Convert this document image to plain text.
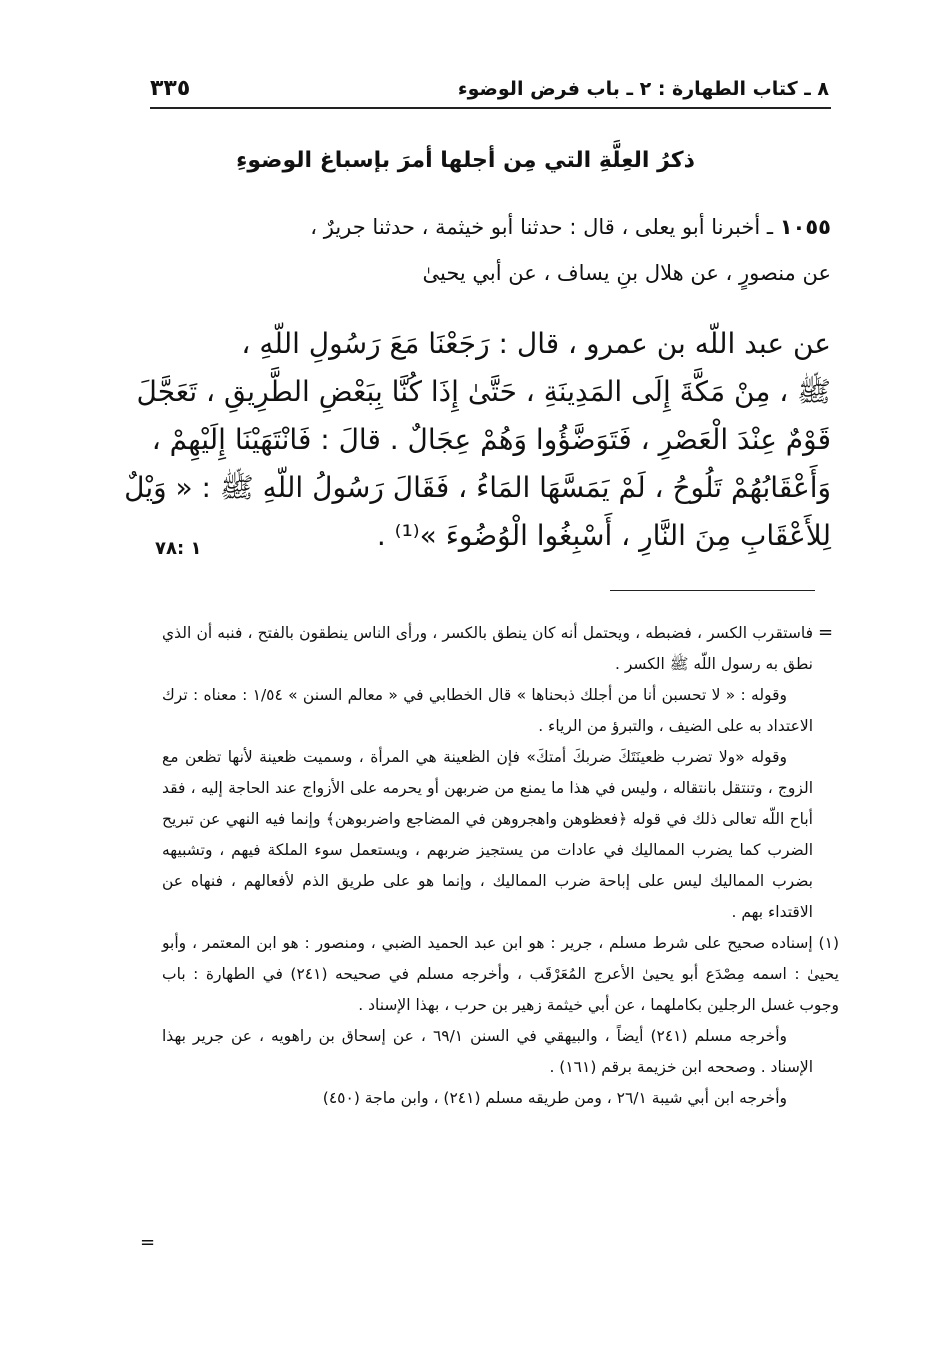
٣٣٥	٨ ـ كتاب الطهارة : ٢ ـ باب فرض الوضوء
ذكرُ العِلَّةِ التي مِن أجلها أمرَ بإسباغ الوضوءِ
١٠٥٥ ـ أخبرنا أبو يعلى ، قال : حدثنا أبو خيثمة ، حدثنا جريرٌ ،
عن منصورٍ ، عن هلال بنِ يساف ، عن أبي يحيىٰ
عن عبد اللّه بن عمرو ، قال : رَجَعْنَا مَعَ رَسُولِ اللّهِ ،
ﷺ ، مِنْ مَكَّةَ إِلَى المَدِينَةِ ، حَتَّىٰ إِذَا كُنَّا بِبَعْضِ الطَّرِيقِ ، تَعَجَّلَ
قَوْمٌ عِنْدَ الْعَصْرِ ، فَتَوَضَّؤُوا وَهُمْ عِجَالٌ . قالَ : فَانْتَهَيْنَا إِلَيْهِمْ ،
وَأَعْقَابُهُمْ تَلُوحُ ، لَمْ يَمَسَّهَا المَاءُ ، فَقَالَ رَسُولُ اللّهِ ﷺ : « وَيْلٌ
لِلأَعْقَابِ مِنَ النَّارِ ، أَسْبِغُوا الْوُضُوءَ »⁽¹⁾ .
١ :٧٨
=

فاستقرب الكسر ، فضبطه ، ويحتمل أنه كان ينطق بالكسر ، ورأى الناس ينطقون بالفتح ، فنبه أن الذي نطق به رسول اللّه ﷺ الكسر .

وقوله : « لا تحسبن أنا من أجلك ذبحناها » قال الخطابي في « معالم السنن » ١/٥٤ : معناه : ترك الاعتداد به على الضيف ، والتبرؤ من الرياء .

وقوله «ولا تضرب ظعينَتَكَ ضربكَ أمتكَ» فإن الظعينة هي المرأة ، وسميت ظعينة لأنها تظعن مع الزوج ، وتنتقل بانتقاله ، وليس في هذا ما يمنع من ضربهن أو يحرمه على الأزواج عند الحاجة إليه ، فقد أباح اللّه تعالى ذلك في قوله ﴿فعظوهن واهجروهن في المضاجع واضربوهن﴾ وإنما فيه النهي عن تبريح الضرب كما يضرب المماليك في عادات من يستجيز ضربهم ، ويستعمل سوء الملكة فيهم ، وتشبيهه بضرب المماليك ليس على إباحة ضرب المماليك ، وإنما هو على طريق الذم لأفعالهم ، فنهاه عن الاقتداء بهم .

(١) إسناده صحيح على شرط مسلم ، جرير : هو ابن عبد الحميد الضبي ، ومنصور : هو ابن المعتمر ، وأبو يحيىٰ : اسمه مِصْدَع أبو يحيىٰ الأعرج المُعَرْقَب ، وأخرجه مسلم في صحيحه (٢٤١) في الطهارة : باب وجوب غسل الرجلين بكاملهما ، عن أبي خيثمة زهير بن حرب ، بهذا الإسناد .

وأخرجه مسلم (٢٤١) أيضاً ، والبيهقي في السنن ٦٩/١ ، عن إسحاق بن راهويه ، عن جرير بهذا الإسناد . وصححه ابن خزيمة برقم (١٦١) .

وأخرجه ابن أبي شيبة ٢٦/١ ، ومن طريقه مسلم (٢٤١) ، وابن ماجة (٤٥٠)

=
